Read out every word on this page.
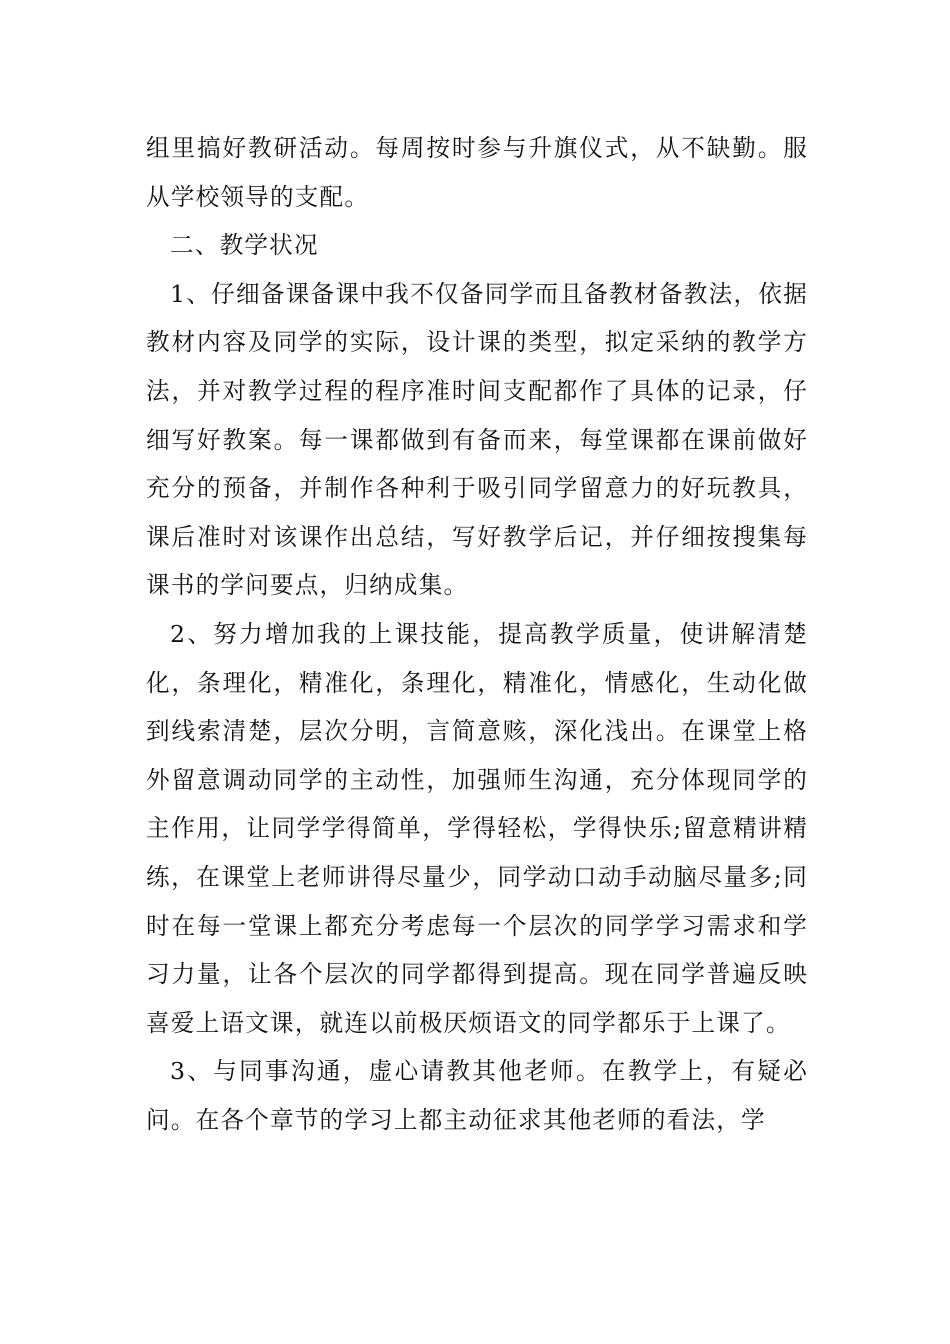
组里搞好教研活动。每周按时参与升旗仪式，从不缺勤。服从学校领导的支配。

二、教学状况

1、仔细备课备课中我不仅备同学而且备教材备教法，依据教材内容及同学的实际，设计课的类型，拟定采纳的教学方法，并对教学过程的程序准时间支配都作了具体的记录，仔细写好教案。每一课都做到有备而来，每堂课都在课前做好充分的预备，并制作各种利于吸引同学留意力的好玩教具，课后准时对该课作出总结，写好教学后记，并仔细按搜集每课书的学问要点，归纳成集。

2、努力增加我的上课技能，提高教学质量，使讲解清楚化，条理化，精准化，条理化，精准化，情感化，生动化做到线索清楚，层次分明，言简意赅，深化浅出。在课堂上格外留意调动同学的主动性，加强师生沟通，充分体现同学的主作用，让同学学得简单，学得轻松，学得快乐;留意精讲精练，在课堂上老师讲得尽量少，同学动口动手动脑尽量多;同时在每一堂课上都充分考虑每一个层次的同学学习需求和学习力量，让各个层次的同学都得到提高。现在同学普遍反映喜爱上语文课，就连以前极厌烦语文的同学都乐于上课了。

3、与同事沟通，虚心请教其他老师。在教学上，有疑必问。在各个章节的学习上都主动征求其他老师的看法，学
